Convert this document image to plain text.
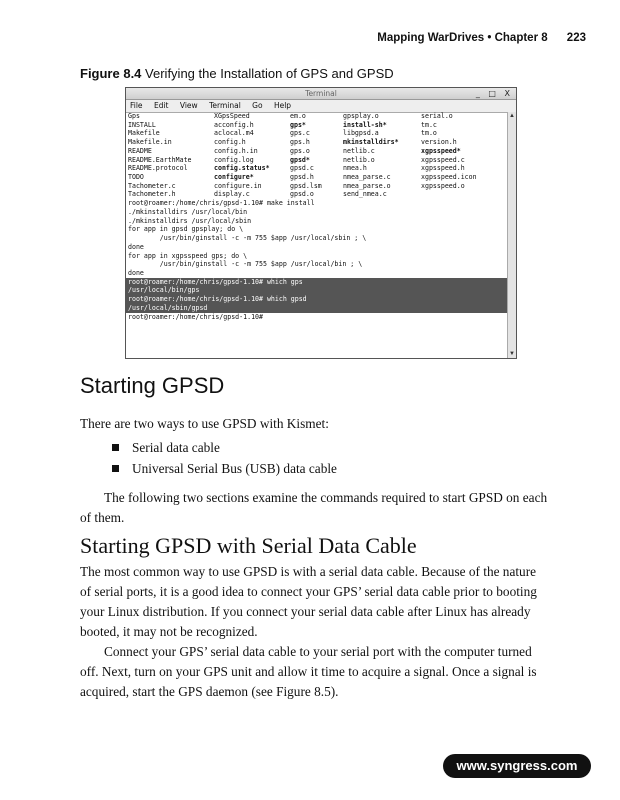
Mapping WarDrives • Chapter 8      223
Figure 8.4 Verifying the Installation of GPS and GPSD
Terminal	_ □ X
File Edit View Terminal Go Help
Gps	XGpsSpeed	em.o	gpsplay.o	serial.o
INSTALL	acconfig.h	gps*	install-sh*	tm.c
Makefile	aclocal.m4	gps.c	libgpsd.a	tm.o
Makefile.in	config.h	gps.h	mkinstalldirs*	version.h
README	config.h.in	gps.o	netlib.c	xgpsspeed*
README.EarthMate	config.log	gpsd*	netlib.o	xgpsspeed.c
README.protocol	config.status*	gpsd.c	nmea.h	xgpsspeed.h
TODO	configure*	gpsd.h	nmea_parse.c	xgpsspeed.icon
Tachometer.c	configure.in	gpsd.lsm	nmea_parse.o	xgpsspeed.o
Tachometer.h	display.c	gpsd.o	send_nmea.c
root@roamer:/home/chris/gpsd-1.10# make install
./mkinstalldirs /usr/local/bin
./mkinstalldirs /usr/local/sbin
for app in gpsd gpsplay; do \
/usr/bin/ginstall -c -m 755 $app /usr/local/sbin ; \
done
for app in xgpsspeed gps; do \
/usr/bin/ginstall -c -m 755 $app /usr/local/bin ; \
done
root@roamer:/home/chris/gpsd-1.10# which gps
/usr/local/bin/gps
root@roamer:/home/chris/gpsd-1.10# which gpsd
/usr/local/sbin/gpsd
root@roamer:/home/chris/gpsd-1.10#
▲
▼
Starting GPSD

There are two ways to use GPSD with Kismet:

Serial data cable
Universal Serial Bus (USB) data cable

The following two sections examine the commands required to start GPSD on each of them.

Starting GPSD with Serial Data Cable

The most common way to use GPSD is with a serial data cable. Because of the nature of serial ports, it is a good idea to connect your GPS’ serial data cable prior to booting your Linux distribution. If you connect your serial data cable after Linux has already booted, it may not be recognized.

Connect your GPS’ serial data cable to your serial port with the computer turned off. Next, turn on your GPS unit and allow it time to acquire a signal. Once a signal is acquired, start the GPS daemon (see Figure 8.5).

www.syngress.com
